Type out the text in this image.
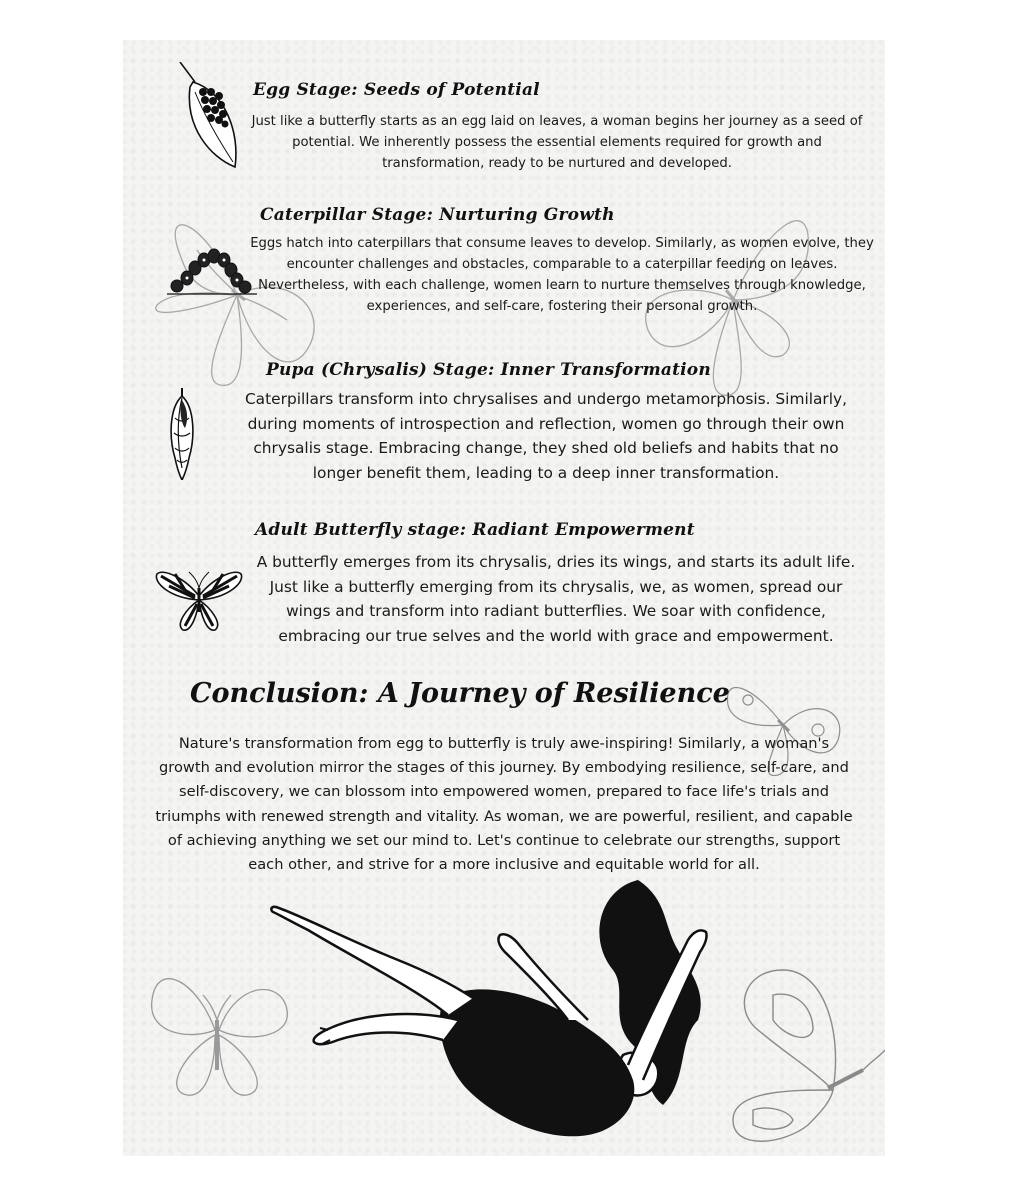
Egg Stage: Seeds of Potential
Just like a butterfly starts as an egg laid on leaves, a woman begins her journey as a seed of potential. We inherently possess the essential elements required for growth and transformation, ready to be nurtured and developed.
Caterpillar Stage: Nurturing Growth
Eggs hatch into caterpillars that consume leaves to develop. Similarly, as women evolve, they encounter challenges and obstacles, comparable to a caterpillar feeding on leaves. Nevertheless, with each challenge, women learn to nurture themselves through knowledge, experiences, and self-care, fostering their personal growth.
Pupa (Chrysalis) Stage: Inner Transformation
Caterpillars transform into chrysalises and undergo metamorphosis. Similarly, during moments of introspection and reflection, women go through their own chrysalis stage. Embracing change, they shed old beliefs and habits that no longer benefit them, leading to a deep inner transformation.
Adult Butterfly stage: Radiant Empowerment
A butterfly emerges from its chrysalis, dries its wings, and starts its adult life. Just like a butterfly emerging from its chrysalis, we, as women, spread our wings and transform into radiant butterflies. We soar with confidence, embracing our true selves and the world with grace and empowerment.
Conclusion: A Journey of Resilience
Nature's transformation from egg to butterfly is truly awe-inspiring! Similarly, a woman's growth and evolution mirror the stages of this journey. By embodying resilience, self-care, and self-discovery, we can blossom into empowered women, prepared to face life's trials and triumphs with renewed strength and vitality. As woman, we are powerful, resilient, and capable of achieving anything we set our mind to. Let's continue to celebrate our strengths, support each other, and strive for a more inclusive and equitable world for all.
